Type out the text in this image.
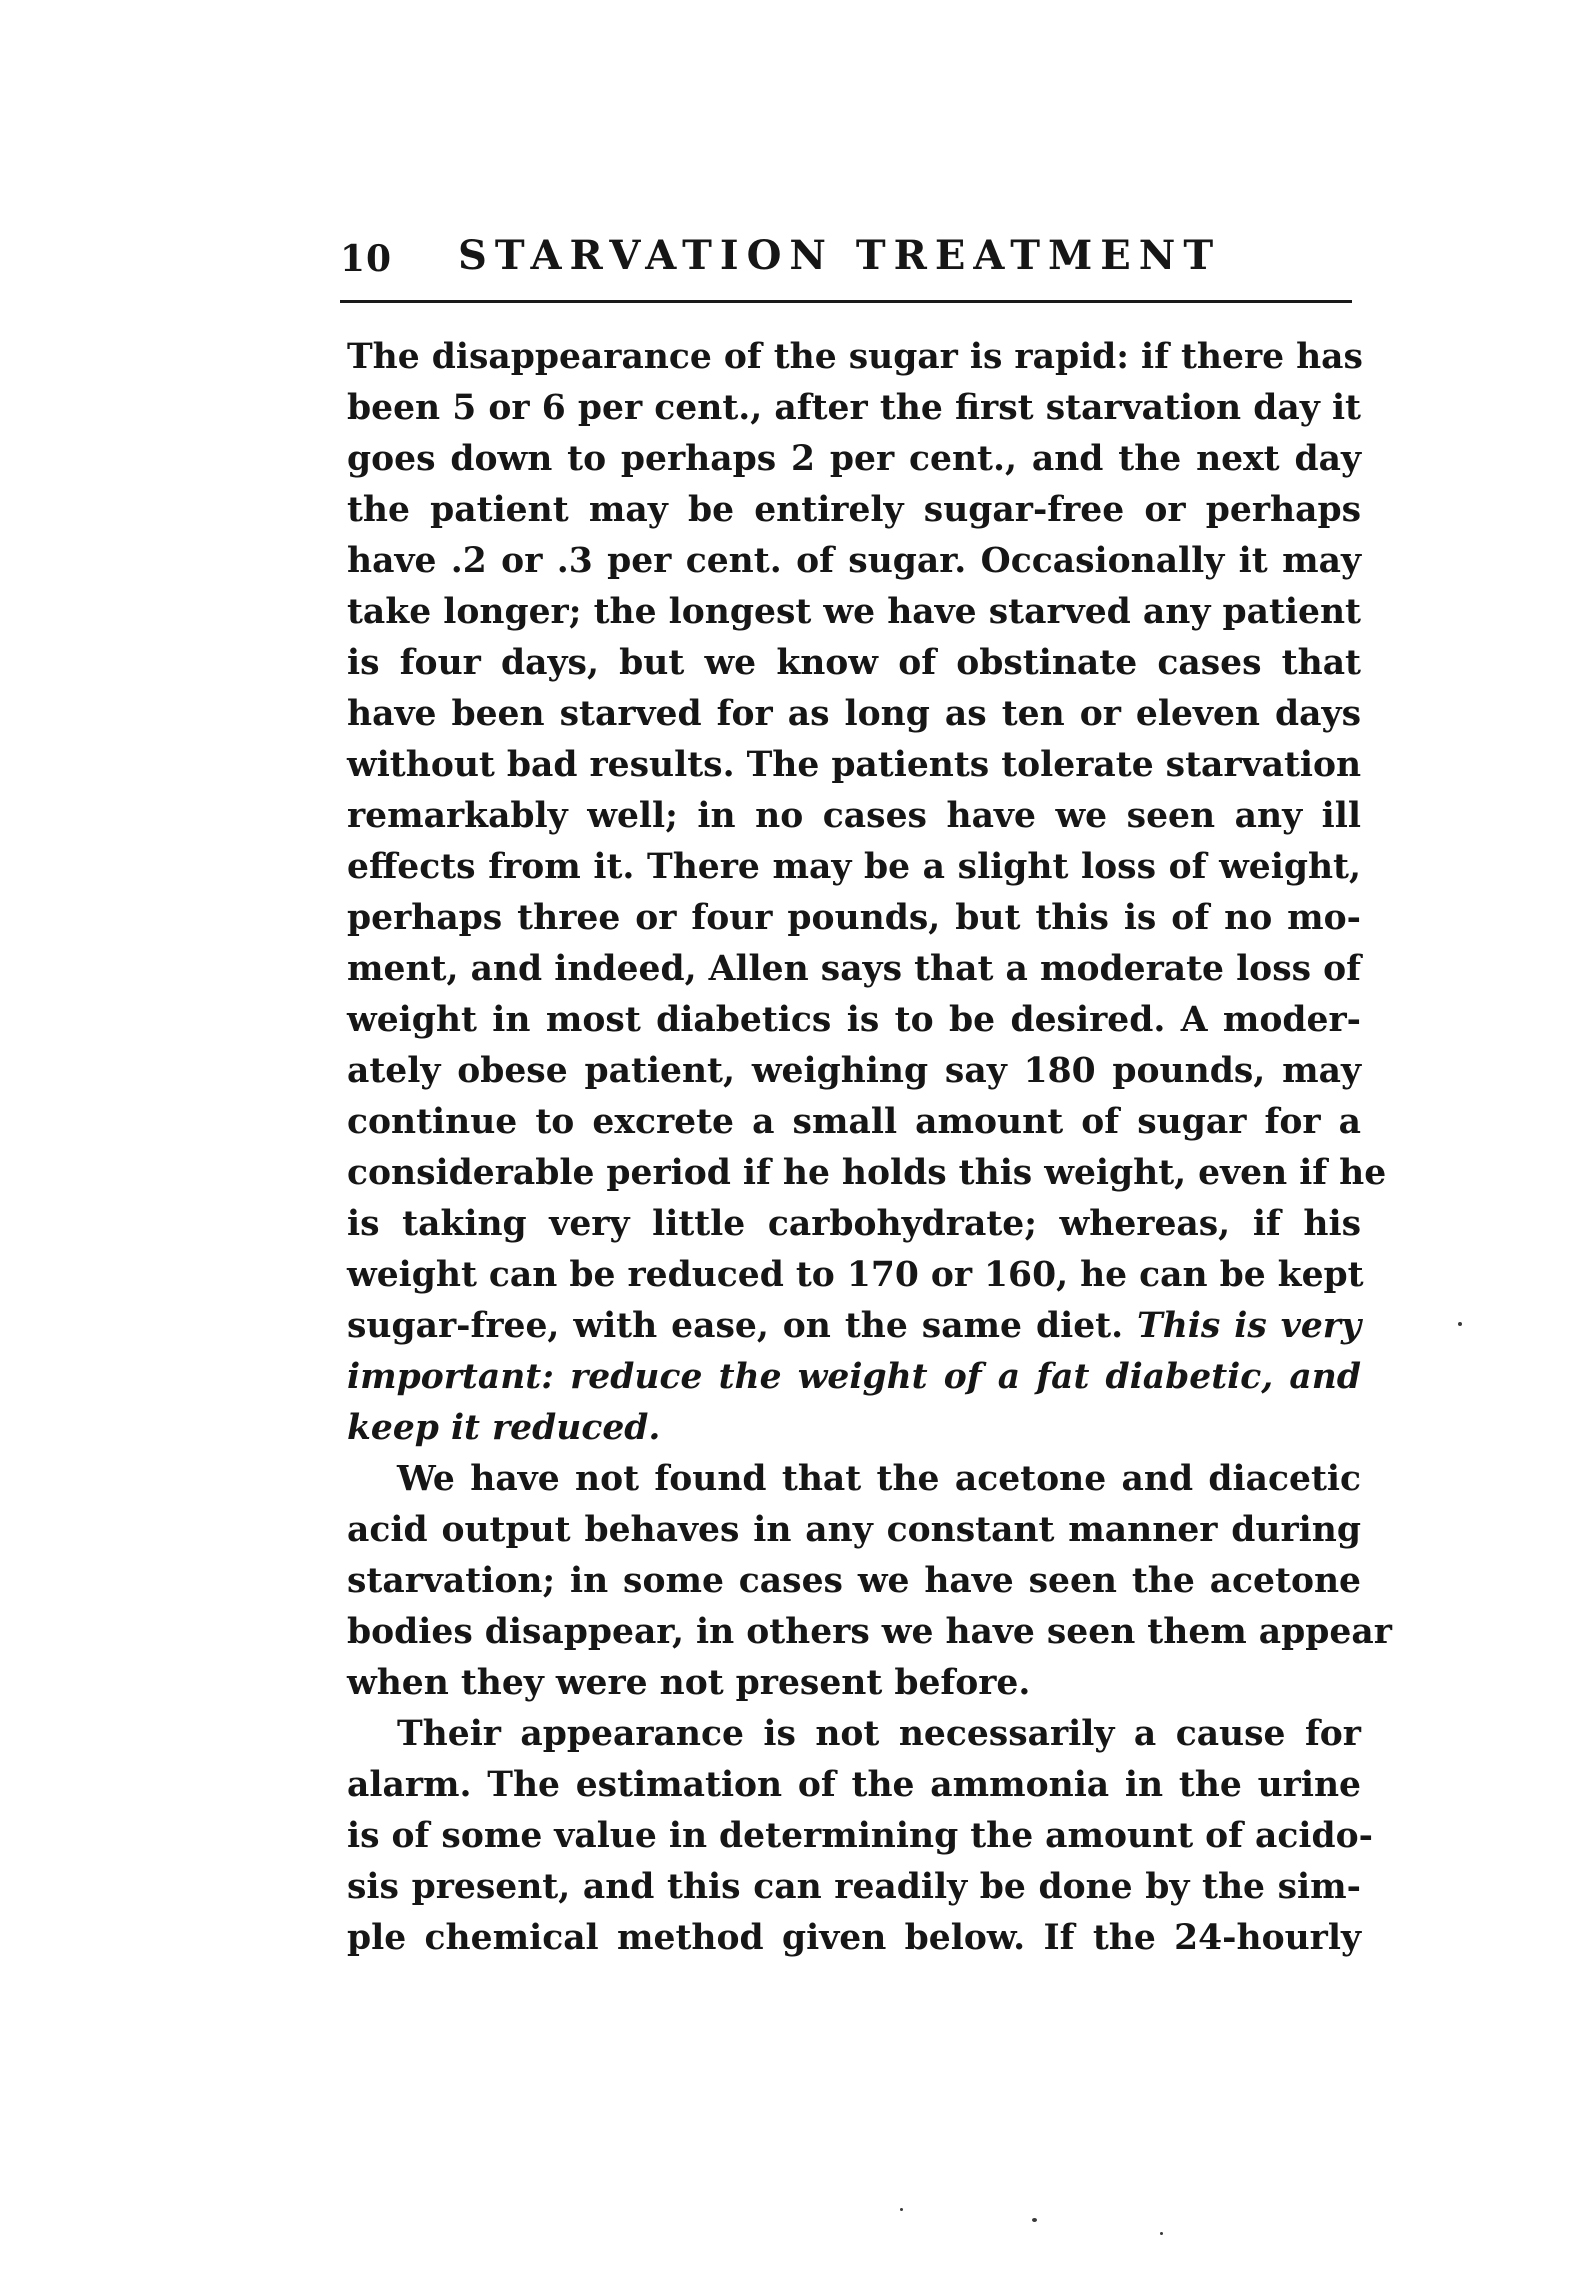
10 STARVATION TREATMENT
The disappearance of the sugar is rapid: if there has
been 5 or 6 per cent., after the first starvation day it
goes down to perhaps 2 per cent., and the next day
the patient may be entirely sugar-free or perhaps
have .2 or .3 per cent. of sugar. Occasionally it may
take longer; the longest we have starved any patient
is four days, but we know of obstinate cases that
have been starved for as long as ten or eleven days
without bad results. The patients tolerate starvation
remarkably well; in no cases have we seen any ill
effects from it. There may be a slight loss of weight,
perhaps three or four pounds, but this is of no mo-
ment, and indeed, Allen says that a moderate loss of
weight in most diabetics is to be desired. A moder-
ately obese patient, weighing say 180 pounds, may
continue to excrete a small amount of sugar for a
considerable period if he holds this weight, even if he
is taking very little carbohydrate; whereas, if his
weight can be reduced to 170 or 160, he can be kept
sugar-free, with ease, on the same diet. This is very
important: reduce the weight of a fat diabetic, and
keep it reduced.
We have not found that the acetone and diacetic
acid output behaves in any constant manner during
starvation; in some cases we have seen the acetone
bodies disappear, in others we have seen them appear
when they were not present before.
Their appearance is not necessarily a cause for
alarm. The estimation of the ammonia in the urine
is of some value in determining the amount of acido-
sis present, and this can readily be done by the sim-
ple chemical method given below. If the 24-hourly
